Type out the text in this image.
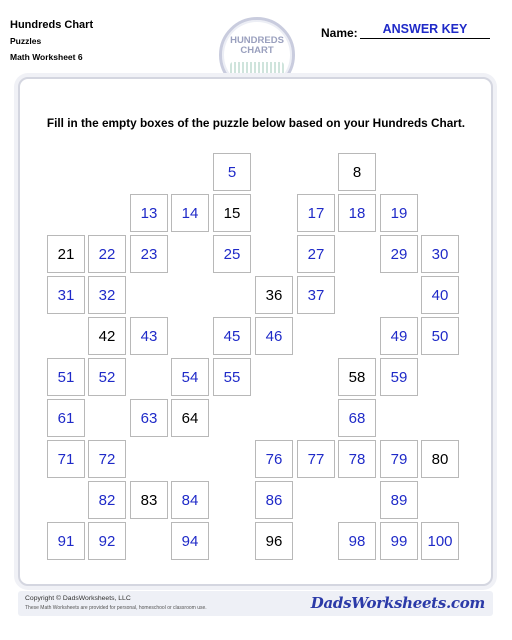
Hundreds Chart
Puzzles
Math Worksheet 6
HUNDREDS CHART
Name:	ANSWER KEY
Fill in the empty boxes of the puzzle below based on your Hundreds Chart.
5	8
13	14	15	17	18	19
21	22	23	25	27	29	30
31	32	36	37	40
42	43	45	46	49	50
51	52	54	55	58	59
61	63	64	68
71	72	76	77	78	79	80
82	83	84	86	89
91	92	94	96	98	99	100
Copyright © DadsWorksheets, LLC
These Math Worksheets are provided for personal, homeschool or classroom use.	DadsWorksheets.com
